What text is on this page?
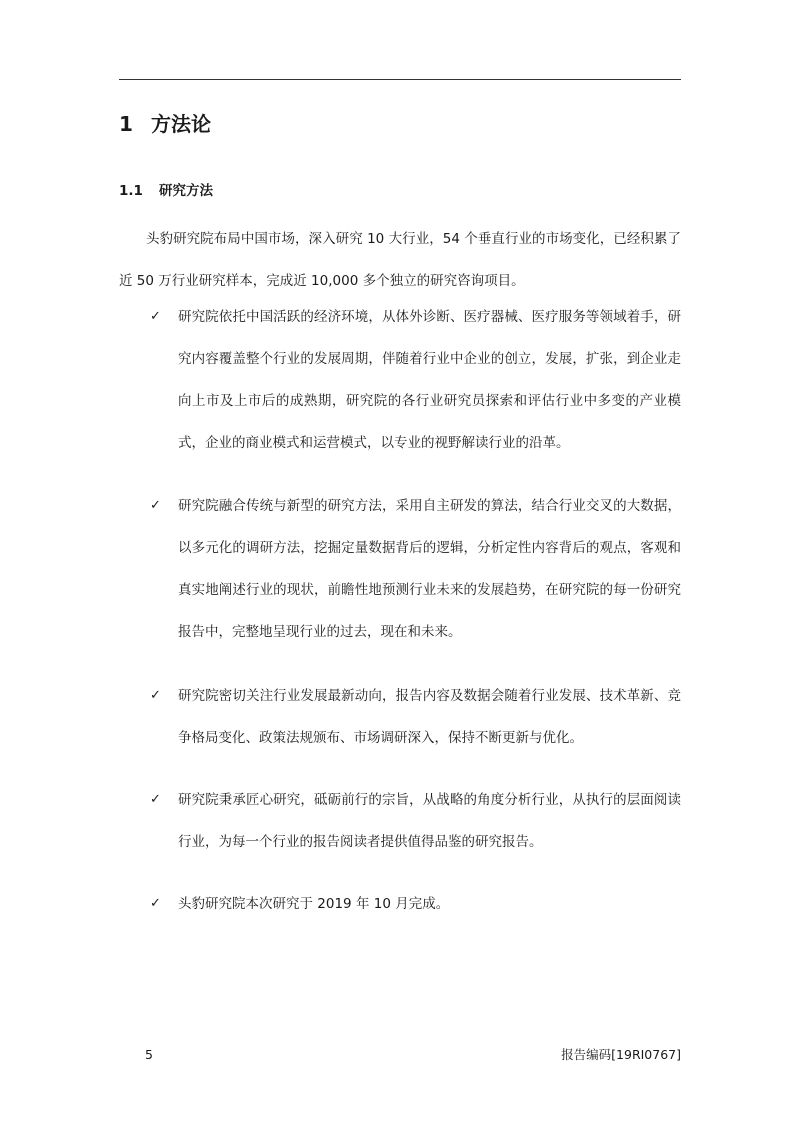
1 方法论
1.1 研究方法

头豹研究院布局中国市场，深入研究 10 大行业，54 个垂直行业的市场变化，已经积累了近 50 万行业研究样本，完成近 10,000 多个独立的研究咨询项目。

✓	研究院依托中国活跃的经济环境，从体外诊断、医疗器械、医疗服务等领域着手，研究内容覆盖整个行业的发展周期，伴随着行业中企业的创立，发展，扩张，到企业走向上市及上市后的成熟期，研究院的各行业研究员探索和评估行业中多变的产业模式，企业的商业模式和运营模式，以专业的视野解读行业的沿革。

✓	研究院融合传统与新型的研究方法，采用自主研发的算法，结合行业交叉的大数据，以多元化的调研方法，挖掘定量数据背后的逻辑，分析定性内容背后的观点，客观和真实地阐述行业的现状，前瞻性地预测行业未来的发展趋势，在研究院的每一份研究报告中，完整地呈现行业的过去，现在和未来。

✓	研究院密切关注行业发展最新动向，报告内容及数据会随着行业发展、技术革新、竞争格局变化、政策法规颁布、市场调研深入，保持不断更新与优化。

✓	研究院秉承匠心研究，砥砺前行的宗旨，从战略的角度分析行业，从执行的层面阅读行业，为每一个行业的报告阅读者提供值得品鉴的研究报告。

✓	头豹研究院本次研究于 2019 年 10 月完成。

5	报告编码[19RI0767]
